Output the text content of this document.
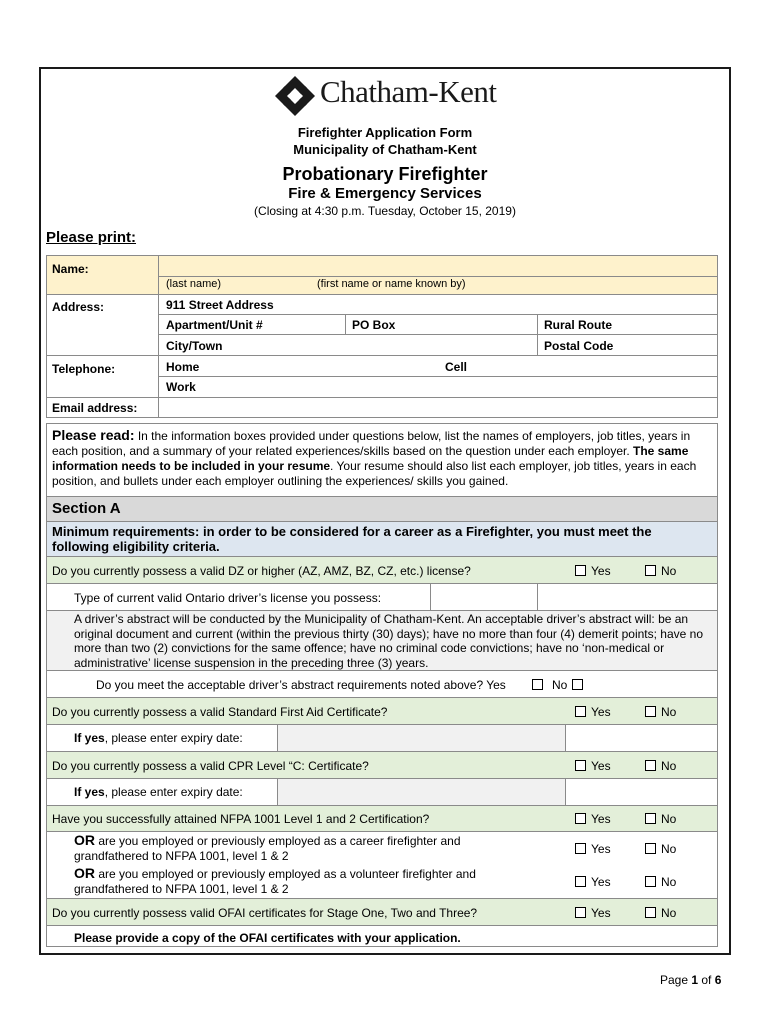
Chatham-Kent
Firefighter Application Form
Municipality of Chatham-Kent
Probationary Firefighter
Fire & Emergency Services
(Closing at 4:30 p.m. Tuesday, October 15, 2019)
Please print:
Name:
(last name)	(first name or name known by)
Address:	911 Street Address
Apartment/Unit #	PO Box	Rural Route
City/Town	Postal Code
Telephone:	Home	Cell
Work
Email address:
Please read: In the information boxes provided under questions below, list the names of employers, job titles, years in each position, and a summary of your related experiences/skills based on the question under each employer. The same information needs to be included in your resume. Your resume should also list each employer, job titles, years in each position, and bullets under each employer outlining the experiences/ skills you gained.
Section A
Minimum requirements: in order to be considered for a career as a Firefighter, you must meet the following eligibility criteria.
Do you currently possess a valid DZ or higher (AZ, AMZ, BZ, CZ, etc.) license?	Yes	No
Type of current valid Ontario driver’s license you possess:
A driver’s abstract will be conducted by the Municipality of Chatham-Kent. An acceptable driver’s abstract will: be an original document and current (within the previous thirty (30) days); have no more than four (4) demerit points; have no more than two (2) convictions for the same offence; have no criminal code convictions; have no ‘non-medical or administrative’ license suspension in the preceding three (3) years.
Do you meet the acceptable driver’s abstract requirements noted above? Yes	No
Do you currently possess a valid Standard First Aid Certificate?	Yes	No
If yes, please enter expiry date:
Do you currently possess a valid CPR Level “C: Certificate?	Yes	No
If yes, please enter expiry date:
Have you successfully attained NFPA 1001 Level 1 and 2 Certification?	Yes	No
OR are you employed or previously employed as a career firefighter and grandfathered to NFPA 1001, level 1 & 2	Yes	No
OR are you employed or previously employed as a volunteer firefighter and grandfathered to NFPA 1001, level 1 & 2	Yes	No
Do you currently possess valid OFAI certificates for Stage One, Two and Three?	Yes	No
Please provide a copy of the OFAI certificates with your application.
Page 1 of 6
